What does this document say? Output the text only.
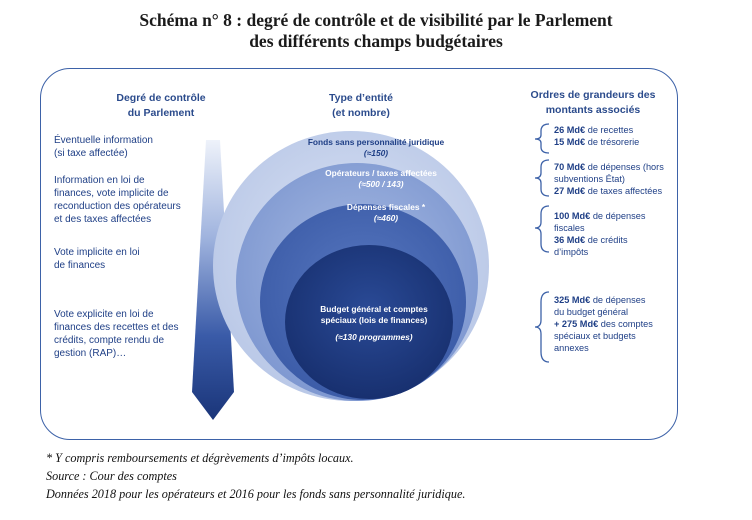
Schéma n° 8 : degré de contrôle et de visibilité par le Parlement
des différents champs budgétaires
Degré de contrôle
du Parlement
Type d’entité
(et nombre)
Ordres de grandeurs des
montants associés
Éventuelle information
(si taxe affectée)
Information en loi de
finances, vote implicite de
reconduction des opérateurs
et des taxes affectées
Vote implicite en loi
de finances
Vote explicite en loi de
finances des recettes et des
crédits, compte rendu de
gestion (RAP)…
Fonds sans personnalité juridique
(≈150)
Opérateurs / taxes affectées
(≈500 / 143)
Dépenses fiscales *
(≈460)
Budget général et comptes
spéciaux (lois de finances)
(≈130 programmes)
26 Md€ de recettes
15 Md€ de trésorerie
70 Md€ de dépenses (hors
subventions État)
27 Md€ de taxes affectées
100 Md€ de dépenses
fiscales
36 Md€ de crédits
d’impôts
325 Md€ de dépenses
du budget général
+ 275 Md€ des comptes
spéciaux et budgets
annexes
* Y compris remboursements et dégrèvements d’impôts locaux.
Source : Cour des comptes
Données 2018 pour les opérateurs et 2016 pour les fonds sans personnalité juridique.
